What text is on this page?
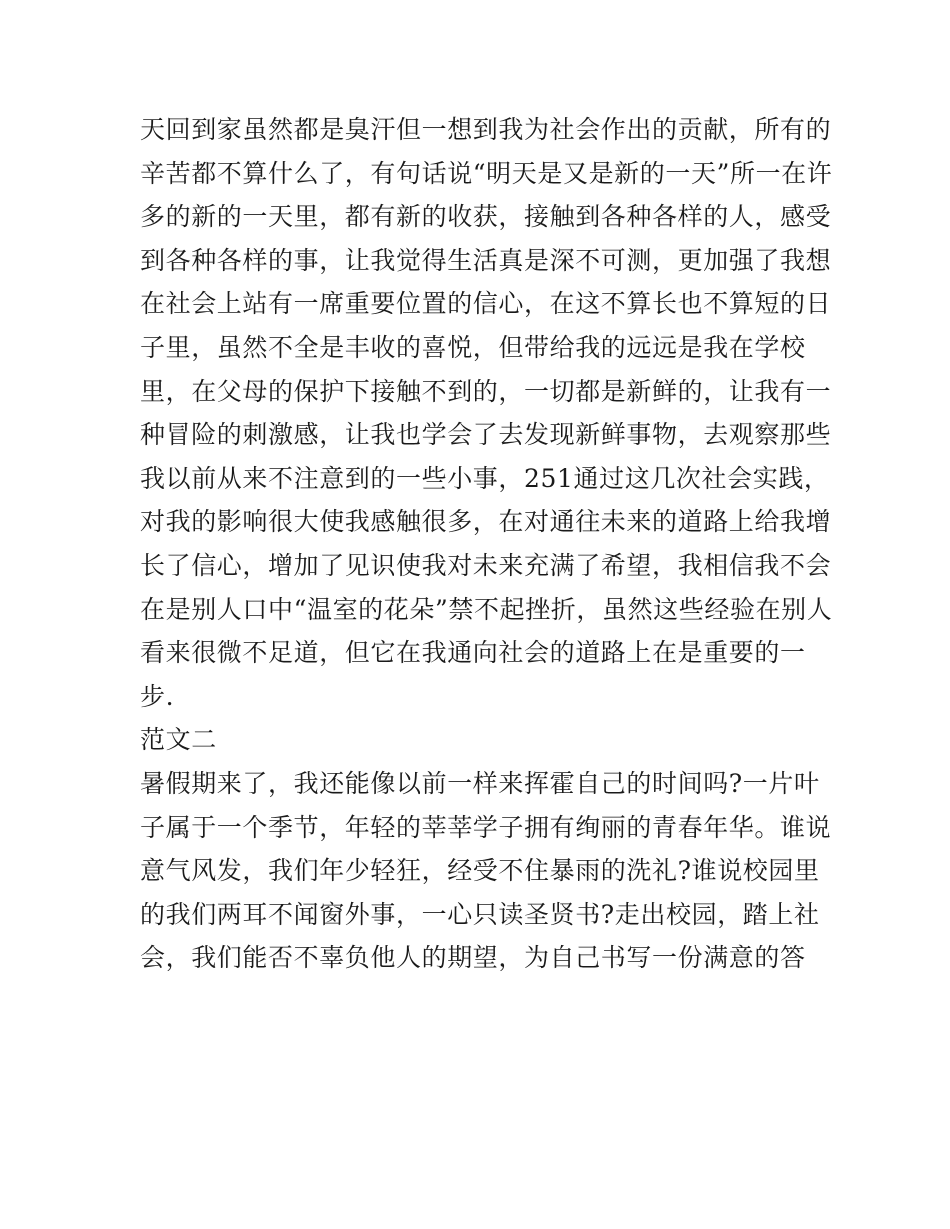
天回到家虽然都是臭汗但一想到我为社会作出的贡献，所有的
辛苦都不算什么了，有句话说“明天是又是新的一天”所一在许
多的新的一天里，都有新的收获，接触到各种各样的人，感受
到各种各样的事，让我觉得生活真是深不可测，更加强了我想
在社会上站有一席重要位置的信心，在这不算长也不算短的日
子里，虽然不全是丰收的喜悦，但带给我的远远是我在学校
里，在父母的保护下接触不到的，一切都是新鲜的，让我有一
种冒险的刺激感，让我也学会了去发现新鲜事物，去观察那些
我以前从来不注意到的一些小事，251通过这几次社会实践，
对我的影响很大使我感触很多，在对通往未来的道路上给我增
长了信心，增加了见识使我对未来充满了希望，我相信我不会
在是别人口中“温室的花朵”禁不起挫折，虽然这些经验在别人
看来很微不足道，但它在我通向社会的道路上在是重要的一
步.
范文二
暑假期来了，我还能像以前一样来挥霍自己的时间吗?一片叶
子属于一个季节，年轻的莘莘学子拥有绚丽的青春年华。谁说
意气风发，我们年少轻狂，经受不住暴雨的洗礼?谁说校园里
的我们两耳不闻窗外事，一心只读圣贤书?走出校园，踏上社
会，我们能否不辜负他人的期望，为自己书写一份满意的答
